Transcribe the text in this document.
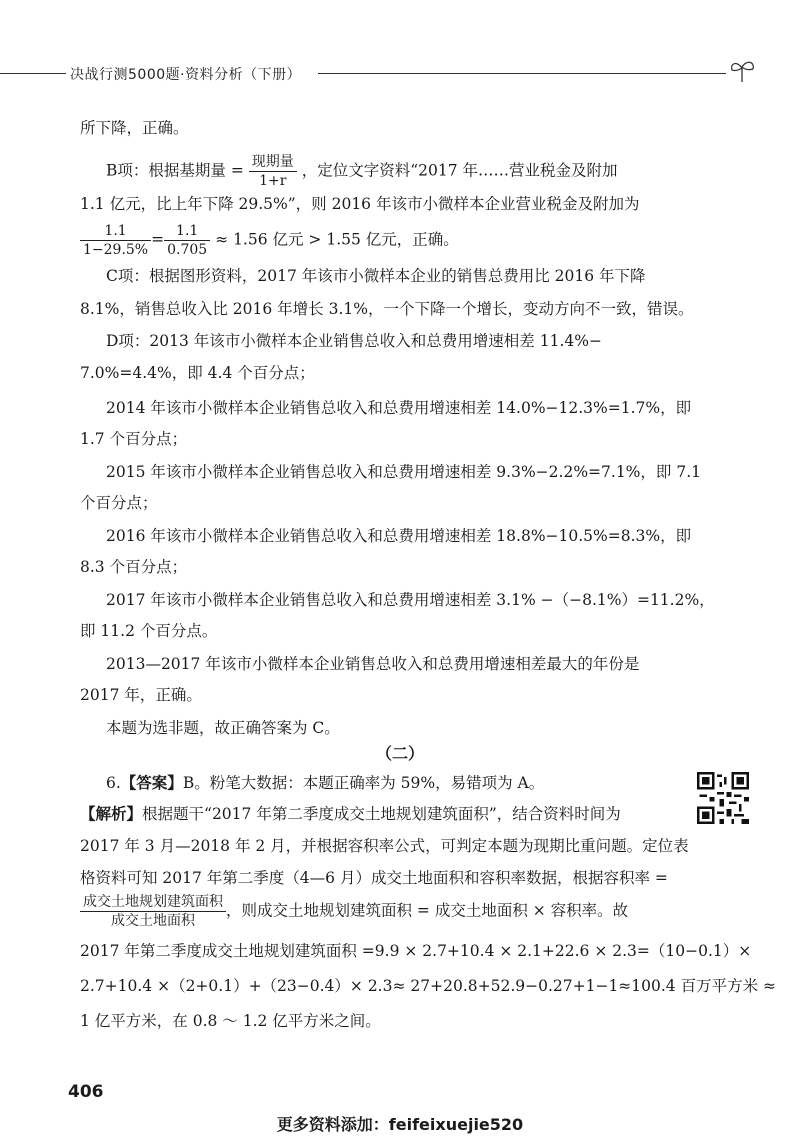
决战行测5000题·资料分析（下册）

所下降，正确。

B项：根据基期量 = $\frac{\text{现期量}}{1+r}$ ，定位文字资料“2017 年……营业税金及附加

1.1 亿元，比上年下降 29.5%”，则 2016 年该市小微样本企业营业税金及附加为

$\frac{1.1}{1-29.5\%} = \frac{1.1}{0.705} \approx 1.56$ 亿元 > 1.55 亿元，正确。

C项：根据图形资料，2017 年该市小微样本企业的销售总费用比 2016 年下降

8.1%，销售总收入比 2016 年增长 3.1%，一个下降一个增长，变动方向不一致，错误。

D项：2013 年该市小微样本企业销售总收入和总费用增速相差 11.4%−

7.0%=4.4%，即 4.4 个百分点；

2014 年该市小微样本企业销售总收入和总费用增速相差 14.0%−12.3%=1.7%，即

1.7 个百分点；

2015 年该市小微样本企业销售总收入和总费用增速相差 9.3%−2.2%=7.1%，即 7.1

个百分点；

2016 年该市小微样本企业销售总收入和总费用增速相差 18.8%−10.5%=8.3%，即

8.3 个百分点；

2017 年该市小微样本企业销售总收入和总费用增速相差 3.1% −（−8.1%）=11.2%，

即 11.2 个百分点。

2013—2017 年该市小微样本企业销售总收入和总费用增速相差最大的年份是

2017 年，正确。

本题为选非题，故正确答案为 C。

（二）

6.【答案】B。粉笔大数据：本题正确率为 59%，易错项为 A。

【解析】根据题干“2017 年第二季度成交土地规划建筑面积”，结合资料时间为

2017 年 3 月—2018 年 2 月，并根据容积率公式，可判定本题为现期比重问题。定位表

格资料可知 2017 年第二季度（4—6 月）成交土地面积和容积率数据，根据容积率 =

$\frac{\text{成交土地规划建筑面积}}{\text{成交土地面积}}$ ，则成交土地规划建筑面积 = 成交土地面积 × 容积率。故

2017 年第二季度成交土地规划建筑面积 =9.9 × 2.7+10.4 × 2.1+22.6 × 2.3=（10−0.1）×

2.7+10.4 ×（2+0.1）+（23−0.4）× 2.3≈ 27+20.8+52.9−0.27+1−1≈100.4 百万平方米 ≈

1 亿平方米，在 0.8 ～ 1.2 亿平方米之间。

406
更多资料添加：feifeixuejie520
